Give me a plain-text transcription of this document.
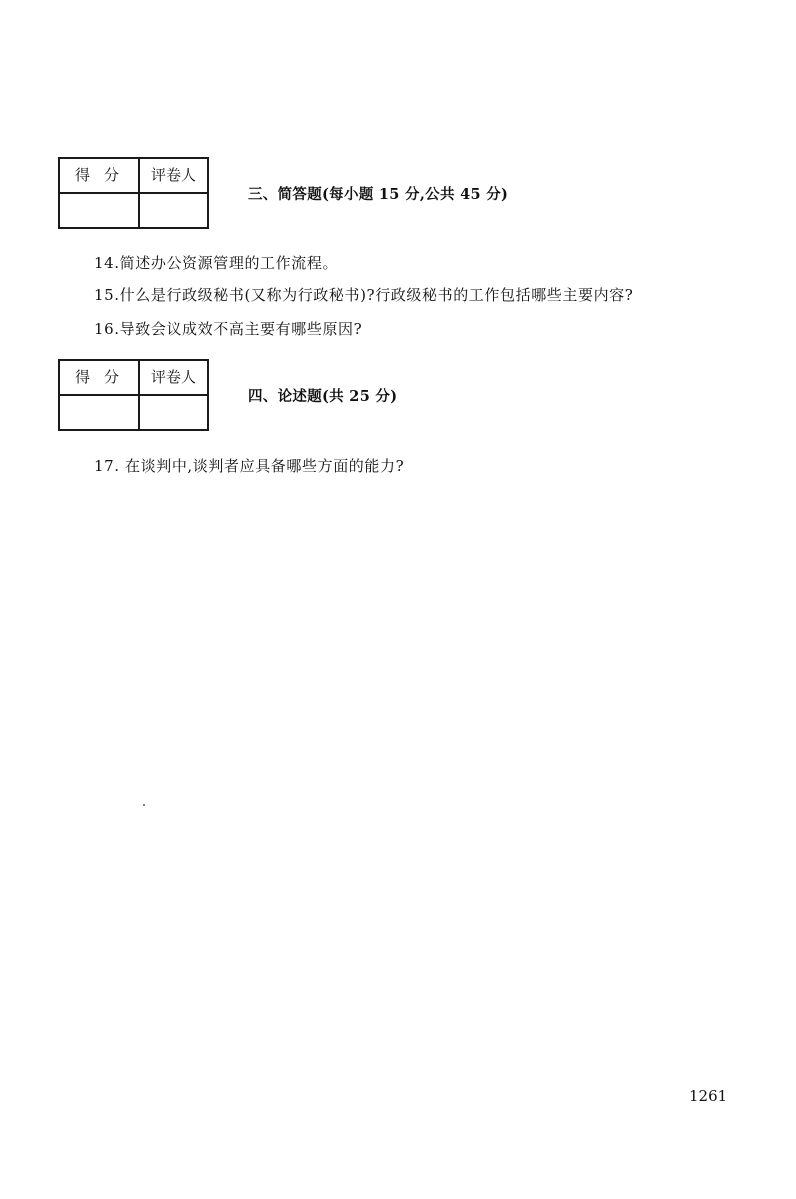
得分	评卷人

三、简答题(每小题 15 分,公共 45 分)
14.简述办公资源管理的工作流程。
15.什么是行政级秘书(又称为行政秘书)?行政级秘书的工作包括哪些主要内容?
16.导致会议成效不高主要有哪些原因?
得分	评卷人

四、论述题(共 25 分)
17. 在谈判中,谈判者应具备哪些方面的能力?
1261
